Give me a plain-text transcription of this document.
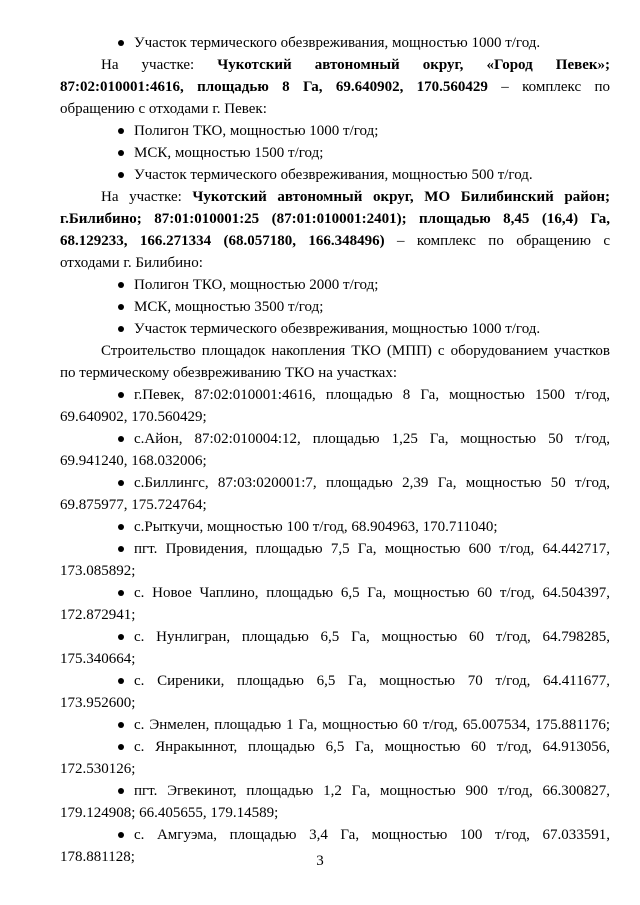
Участок термического обезвреживания, мощностью 1000 т/год.
На участке: Чукотский автономный округ, «Город Певек»;
87:02:010001:4616, площадью 8 Га, 69.640902, 170.560429 – комплекс по
обращению с отходами г. Певек:
Полигон ТКО, мощностью 1000 т/год;
МСК, мощностью 1500 т/год;
Участок термического обезвреживания, мощностью 500 т/год.
На участке: Чукотский автономный округ, МО Билибинский район;
г.Билибино; 87:01:010001:25 (87:01:010001:2401); площадью 8,45 (16,4) Га,
68.129233, 166.271334 (68.057180, 166.348496) – комплекс по обращению с
отходами г. Билибино:
Полигон ТКО, мощностью 2000 т/год;
МСК, мощностью 3500 т/год;
Участок термического обезвреживания, мощностью 1000 т/год.
Строительство площадок накопления ТКО (МПП) с оборудованием участков
по термическому обезвреживанию ТКО на участках:
г.Певек, 87:02:010001:4616, площадью 8 Га, мощностью 1500 т/год,
69.640902, 170.560429;
с.Айон, 87:02:010004:12, площадью 1,25 Га, мощностью 50 т/год,
69.941240, 168.032006;
с.Биллингс, 87:03:020001:7, площадью 2,39 Га, мощностью 50 т/год,
69.875977, 175.724764;
с.Рыткучи, мощностью 100 т/год, 68.904963, 170.711040;
пгт. Провидения, площадью 7,5 Га, мощностью 600 т/год, 64.442717,
173.085892;
с. Новое Чаплино, площадью 6,5 Га, мощностью 60 т/год, 64.504397,
172.872941;
с. Нунлигран, площадью 6,5 Га, мощностью 60 т/год, 64.798285,
175.340664;
с. Сиреники, площадью 6,5 Га, мощностью 70 т/год, 64.411677,
173.952600;
с. Энмелен, площадью 1 Га, мощностью 60 т/год, 65.007534, 175.881176;
с. Янракыннот, площадью 6,5 Га, мощностью 60 т/год, 64.913056,
172.530126;
пгт. Эгвекинот, площадью 1,2 Га, мощностью 900 т/год, 66.300827,
179.124908; 66.405655, 179.14589;
с. Амгуэма, площадью 3,4 Га, мощностью 100 т/год, 67.033591,
178.881128;	3
